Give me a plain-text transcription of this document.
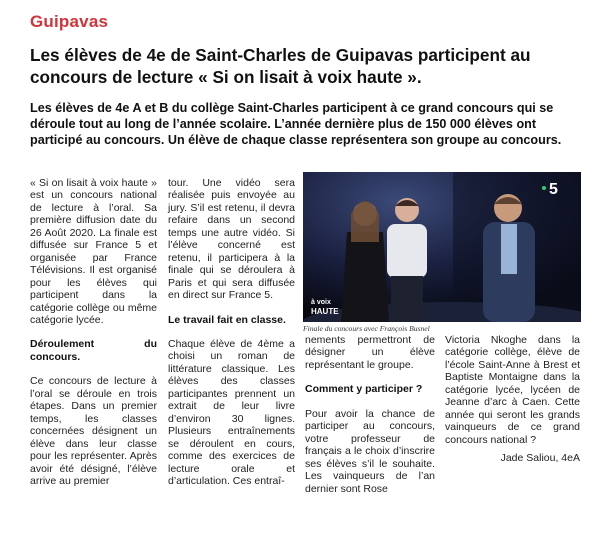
Guipavas
Les élèves de 4e de Saint-Charles de Guipavas participent au concours de lecture « Si on lisait à voix haute ».
Les élèves de 4e A et B du collège Saint-Charles participent à ce grand concours qui se déroule tout au long de l’année scolaire. L’année dernière plus de 150 000 élèves ont participé au concours. Un élève de chaque classe représentera son groupe au concours.

« Si on lisait à voix haute » est un concours national de lecture à l’oral. Sa première diffusion date du 26 Août 2020. La finale est diffusée sur France 5 et organisée par France Télévisions. Il est organisé pour les élèves qui participent dans la catégorie collège ou même catégorie lycée.

Déroulement du concours.

Ce concours de lecture à l’oral se déroule en trois étapes. Dans un premier temps, les classes concernées désignent un élève dans leur classe pour les représenter. Après avoir été désigné, l’élève arrive au premier

tour. Une vidéo sera réalisée puis envoyée au jury. S’il est retenu, il devra refaire dans un second temps une autre vidéo. Si l’élève concerné est retenu, il participera à la finale qui se déroulera à Paris et qui sera diffusée en direct sur France 5.

Le travail fait en classe.

Chaque élève de 4ème a choisi un roman de littérature classique. Les élèves des classes participantes prennent un extrait de leur livre d’environ 30 lignes. Plusieurs entraînements se déroulent en cours, comme des exercices de lecture orale et d’articulation. Ces entraî-

5
à voix
HAUTE
Finale du concours avec François Busnel

nements permettront de désigner un élève représentant le groupe.

Comment y participer ?

Pour avoir la chance de participer au concours, votre professeur de français a le choix d’inscrire ses élèves s’il le souhaite. Les vainqueurs de l’an dernier sont Rose

Victoria Nkoghe dans la catégorie collège, élève de l’école Saint-Anne à Brest et Baptiste Montaigne dans la catégorie lycée, lycéen de Jeanne d’arc à Caen. Cette année qui seront les grands vainqueurs de ce grand concours national ?

Jade Saliou, 4eA
